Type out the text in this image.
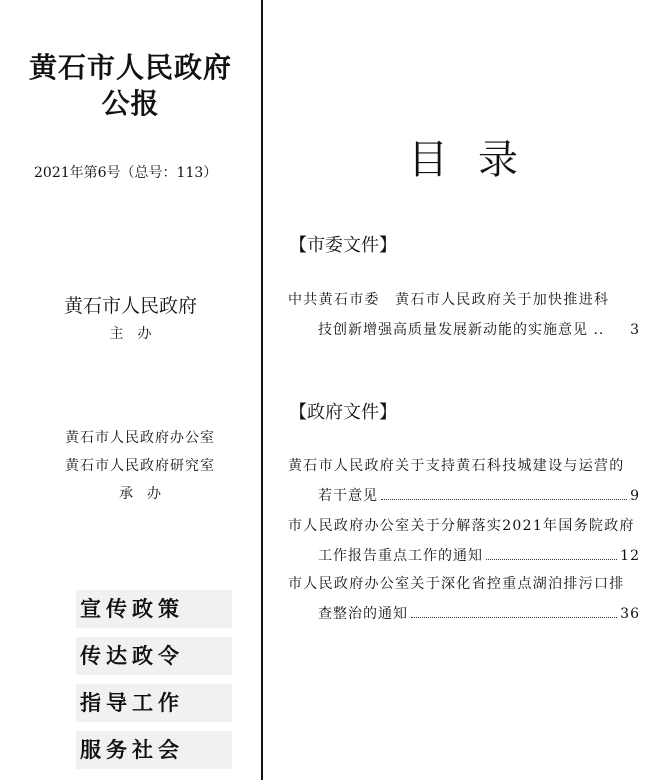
黄石市人民政府
公报
2021年第6号（总号：113）
黄石市人民政府
主办
黄石市人民政府办公室
黄石市人民政府研究室
承办
宣传政策
传达政令
指导工作
服务社会
目录
【市委文件】
中共黄石市委　黄石市人民政府关于加快推进科
技创新增强高质量发展新动能的实施意见 .. 3
【政府文件】
黄石市人民政府关于支持黄石科技城建设与运营的
若干意见	9
市人民政府办公室关于分解落实2021年国务院政府
工作报告重点工作的通知	12
市人民政府办公室关于深化省控重点湖泊排污口排
查整治的通知	36
